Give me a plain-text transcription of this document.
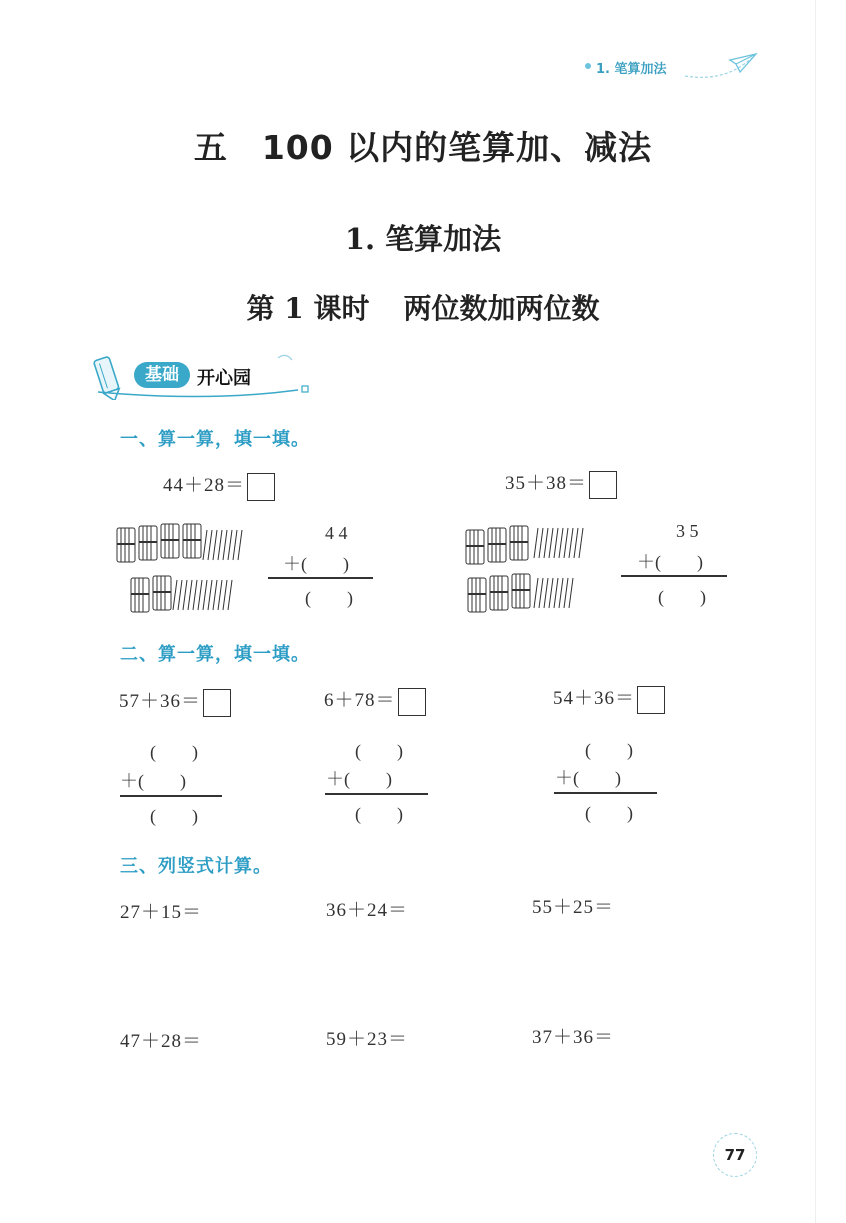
1. 笔算加法
五　100 以内的笔算加、减法
1. 笔算加法
第 1 课时 两位数加两位数
基础	开心园
一、算一算，填一填。
44＋28＝	35＋38＝
4 4
＋(　　)
(　　)
3 5
＋(　　)
(　　)
二、算一算，填一填。
57＋36＝	6＋78＝	54＋36＝
(　　)
＋(　　)
(　　)
(　　)
＋(　　)
(　　)
(　　)
＋(　　)
(　　)
三、列竖式计算。
27＋15＝	36＋24＝	55＋25＝
47＋28＝	59＋23＝	37＋36＝
77
